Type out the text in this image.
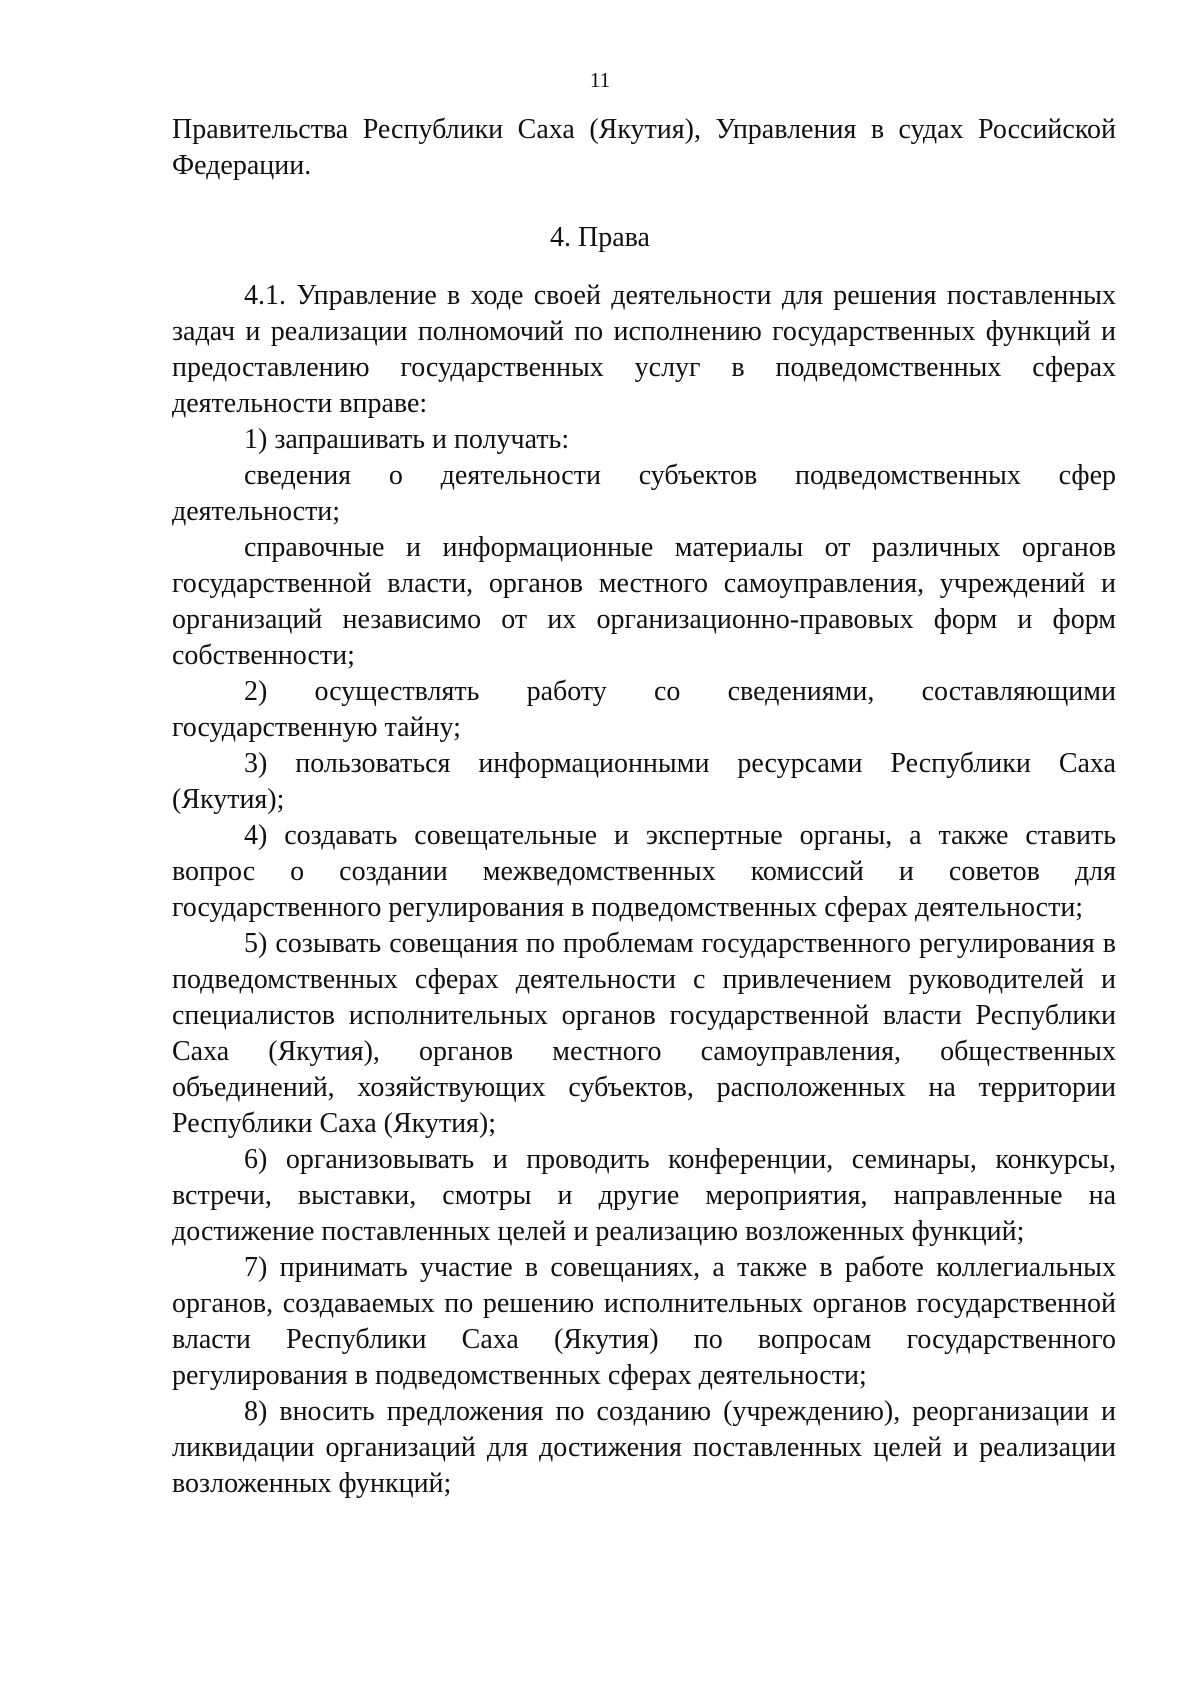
11

Правительства Республики Саха (Якутия), Управления в судах Российской Федерации.

4. Права

4.1. Управление в ходе своей деятельности для решения поставленных задач и реализации полномочий по исполнению государственных функций и предоставлению государственных услуг в подведомственных сферах деятельности вправе:

1) запрашивать и получать:

сведения о деятельности субъектов подведомственных сфер деятельности;

справочные и информационные материалы от различных органов государственной власти, органов местного самоуправления, учреждений и организаций независимо от их организационно-правовых форм и форм собственности;

2) осуществлять работу со сведениями, составляющими государственную тайну;

3) пользоваться информационными ресурсами Республики Саха (Якутия);

4) создавать совещательные и экспертные органы, а также ставить вопрос о создании межведомственных комиссий и советов для государственного регулирования в подведомственных сферах деятельности;

5) созывать совещания по проблемам государственного регулирования в подведомственных сферах деятельности с привлечением руководителей и специалистов исполнительных органов государственной власти Республики Саха (Якутия), органов местного самоуправления, общественных объединений, хозяйствующих субъектов, расположенных на территории Республики Саха (Якутия);

6) организовывать и проводить конференции, семинары, конкурсы, встречи, выставки, смотры и другие мероприятия, направленные на достижение поставленных целей и реализацию возложенных функций;

7) принимать участие в совещаниях, а также в работе коллегиальных органов, создаваемых по решению исполнительных органов государственной власти Республики Саха (Якутия) по вопросам государственного регулирования в подведомственных сферах деятельности;

8) вносить предложения по созданию (учреждению), реорганизации и ликвидации организаций для достижения поставленных целей и реализации возложенных функций;
